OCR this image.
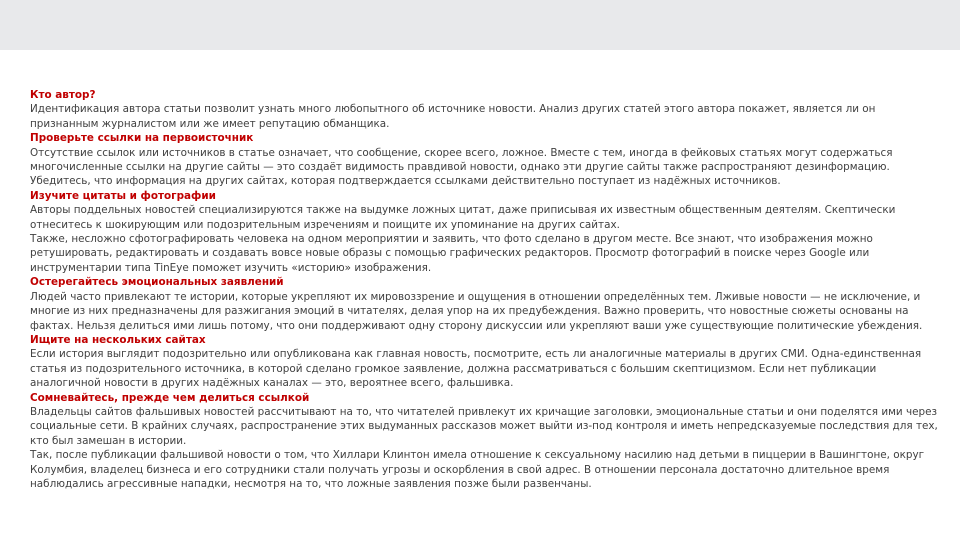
Кто автор?

Идентификация автора статьи позволит узнать много любопытного об источнике новости. Анализ других статей этого автора покажет, является ли он признанным журналистом или же имеет репутацию обманщика.

Проверьте ссылки на первоисточник

Отсутствие ссылок или источников в статье означает, что сообщение, скорее всего, ложное. Вместе с тем, иногда в фейковых статьях могут содержаться многочисленные ссылки на другие сайты — это создаёт видимость правдивой новости, однако эти другие сайты также распространяют дезинформацию. Убедитесь, что информация на других сайтах, которая подтверждается ссылками действительно поступает из надёжных источников.

Изучите цитаты и фотографии

Авторы поддельных новостей специализируются также на выдумке ложных цитат, даже приписывая их известным общественным деятелям. Скептически отнеситесь к шокирующим или подозрительным изречениям и поищите их упоминание на других сайтах.

Также, несложно сфотографировать человека на одном мероприятии и заявить, что фото сделано в другом месте. Все знают, что изображения можно ретушировать, редактировать и создавать вовсе новые образы с помощью графических редакторов. Просмотр фотографий в поиске через Google или инструментарии типа TinEye поможет изучить «историю» изображения.

Остерегайтесь эмоциональных заявлений

Людей часто привлекают те истории, которые укрепляют их мировоззрение и ощущения в отношении определённых тем. Лживые новости — не исключение, и многие из них предназначены для разжигания эмоций в читателях, делая упор на их предубеждения. Важно проверить, что новостные сюжеты основаны на фактах. Нельзя делиться ими лишь потому, что они поддерживают одну сторону дискуссии или укрепляют ваши уже существующие политические убеждения.

Ищите на нескольких сайтах

Если история выглядит подозрительно или опубликована как главная новость, посмотрите, есть ли аналогичные материалы в других СМИ. Одна-единственная статья из подозрительного источника, в которой сделано громкое заявление, должна рассматриваться с большим скептицизмом. Если нет публикации аналогичной новости в других надёжных каналах — это, вероятнее всего, фальшивка.

Сомневайтесь, прежде чем делиться ссылкой

Владельцы сайтов фальшивых новостей рассчитывают на то, что читателей привлекут их кричащие заголовки, эмоциональные статьи и они поделятся ими через социальные сети. В крайних случаях, распространение этих выдуманных рассказов может выйти из-под контроля и иметь непредсказуемые последствия для тех, кто был замешан в истории.

Так, после публикации фальшивой новости о том, что Хиллари Клинтон имела отношение к сексуальному насилию над детьми в пиццерии в Вашингтоне, округ Колумбия, владелец бизнеса и его сотрудники стали получать угрозы и оскорбления в свой адрес. В отношении персонала достаточно длительное время наблюдались агрессивные нападки, несмотря на то, что ложные заявления позже были развенчаны.
